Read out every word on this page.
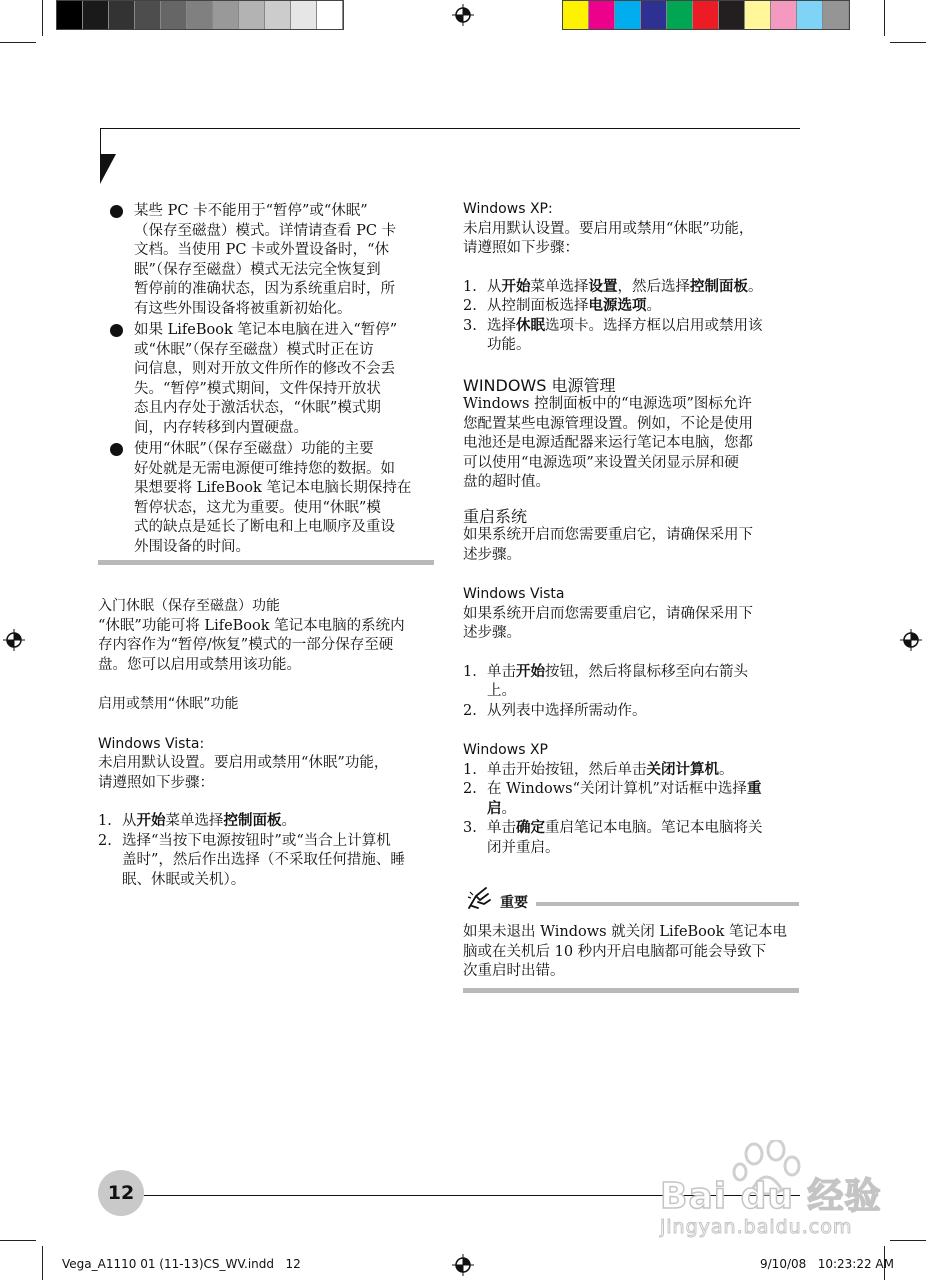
某些 PC 卡不能用于“暂停”或“休眠”
（保存至磁盘）模式。详情请查看 PC 卡
文档。当使用 PC 卡或外置设备时，“休
眠”（保存至磁盘）模式无法完全恢复到
暂停前的准确状态，因为系统重启时，所
有这些外围设备将被重新初始化。
如果 LifeBook 笔记本电脑在进入“暂停”
或“休眠”（保存至磁盘）模式时正在访
问信息，则对开放文件所作的修改不会丢
失。“暂停”模式期间，文件保持开放状
态且内存处于激活状态，“休眠”模式期
间，内存转移到内置硬盘。
使用“休眠”（保存至磁盘）功能的主要
好处就是无需电源便可维持您的数据。如
果想要将 LifeBook 笔记本电脑长期保持在
暂停状态，这尤为重要。使用“休眠”模
式的缺点是延长了断电和上电顺序及重设
外围设备的时间。
入门休眠（保存至磁盘）功能
“休眠”功能可将 LifeBook 笔记本电脑的系统内
存内容作为“暂停/恢复”模式的一部分保存至硬
盘。您可以启用或禁用该功能。
启用或禁用“休眠”功能
Windows Vista:
未启用默认设置。要启用或禁用“休眠”功能，
请遵照如下步骤：
1. 从开始菜单选择控制面板。
2. 选择“当按下电源按钮时”或“当合上计算机
盖时”，然后作出选择（不采取任何措施、睡
眠、休眠或关机）。
Windows XP:
未启用默认设置。要启用或禁用“休眠”功能，
请遵照如下步骤：
1. 从开始菜单选择设置，然后选择控制面板。
2. 从控制面板选择电源选项。
3. 选择休眠选项卡。选择方框以启用或禁用该
功能。
WINDOWS 电源管理
Windows 控制面板中的“电源选项”图标允许
您配置某些电源管理设置。例如，不论是使用
电池还是电源适配器来运行笔记本电脑，您都
可以使用“电源选项”来设置关闭显示屏和硬
盘的超时值。
重启系统
如果系统开启而您需要重启它，请确保采用下
述步骤。
Windows Vista
如果系统开启而您需要重启它，请确保采用下
述步骤。
1. 单击开始按钮，然后将鼠标移至向右箭头
上。
2. 从列表中选择所需动作。
Windows XP
1. 单击开始按钮，然后单击关闭计算机。
2. 在 Windows“关闭计算机”对话框中选择重
启。
3. 单击确定重启笔记本电脑。笔记本电脑将关
闭并重启。
重要
如果未退出 Windows 就关闭 LifeBook 笔记本电
脑或在关机后 10 秒内开启电脑都可能会导致下
次重启时出错。
12	Bai du 经验
jingyan.baidu.com
Vega_A1110 01 (11-13)CS_WV.indd   12	9/10/08   10:23:22 AM
